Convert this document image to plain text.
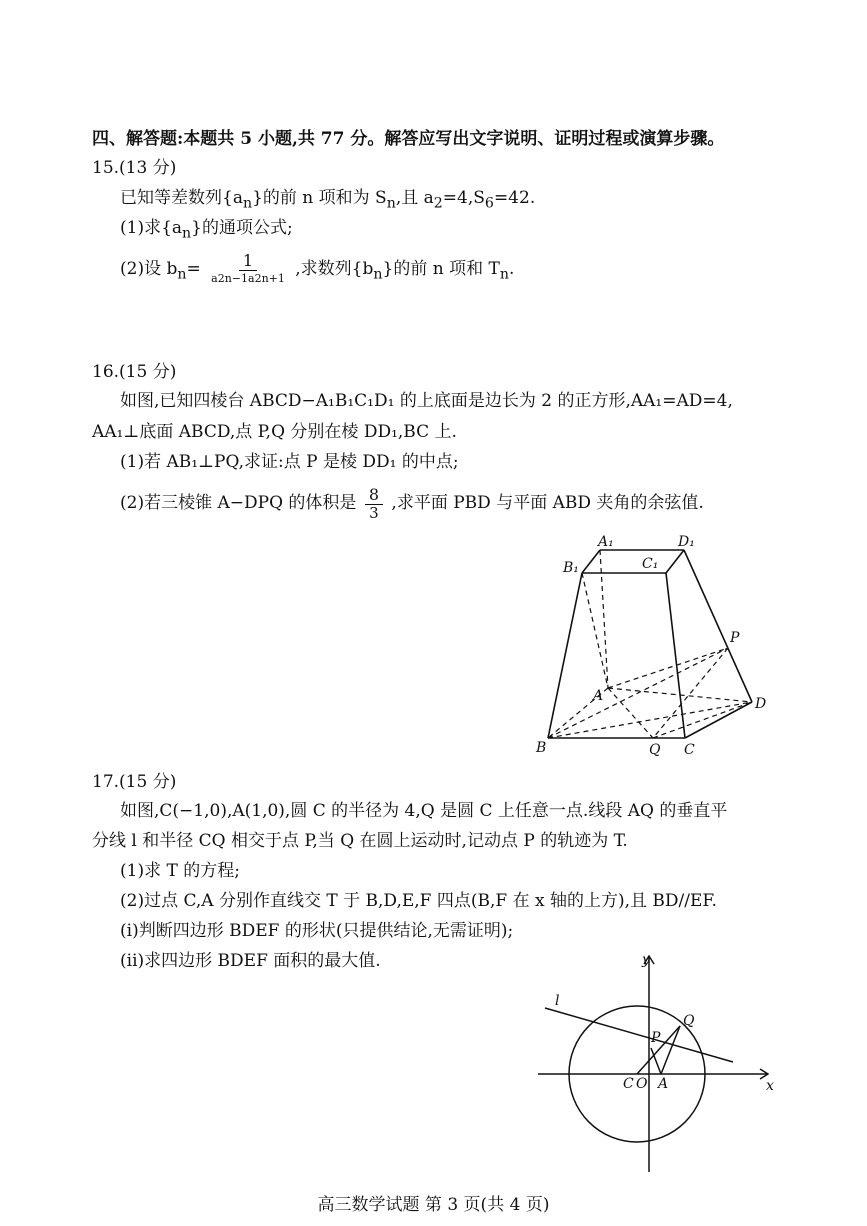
四、解答题:本题共 5 小题,共 77 分。解答应写出文字说明、证明过程或演算步骤。
15.(13 分)
已知等差数列$\{a_n\}$的前 n 项和为 $S_n$,且 $a_2=4,S_6=42$.
(1)求$\{a_n\}$的通项公式;
(2)设 $b_n= \frac{1}{a2n-1a2n+1}$ ,求数列$\{b_n\}$的前 n 项和 $T_n$.
16.(15 分)
如图,已知四棱台 ABCD−A₁B₁C₁D₁ 的上底面是边长为 2 的正方形,AA₁=AD=4,
AA₁⊥底面 ABCD,点 P,Q 分别在棱 DD₁,BC 上.
(1)若 AB₁⊥PQ,求证:点 P 是棱 DD₁ 的中点;
(2)若三棱锥 A−DPQ 的体积是 $\frac{8}{3}$ ,求平面 PBD 与平面 ABD 夹角的余弦值.
A₁	D₁
B₁	C₁
P
A	D
B	Q C
17.(15 分)
如图,C(−1,0),A(1,0),圆 C 的半径为 4,Q 是圆 C 上任意一点.线段 AQ 的垂直平
分线 l 和半径 CQ 相交于点 P,当 Q 在圆上运动时,记动点 P 的轨迹为 T.
(1)求 T 的方程;
(2)过点 C,A 分别作直线交 T 于 B,D,E,F 四点(B,F 在 x 轴的上方),且 BD//EF.
(i)判断四边形 BDEF 的形状(只提供结论,无需证明);
(ii)求四边形 BDEF 面积的最大值.	y
l
Q
P
C O A	x
高三数学试题 第 3 页(共 4 页)
